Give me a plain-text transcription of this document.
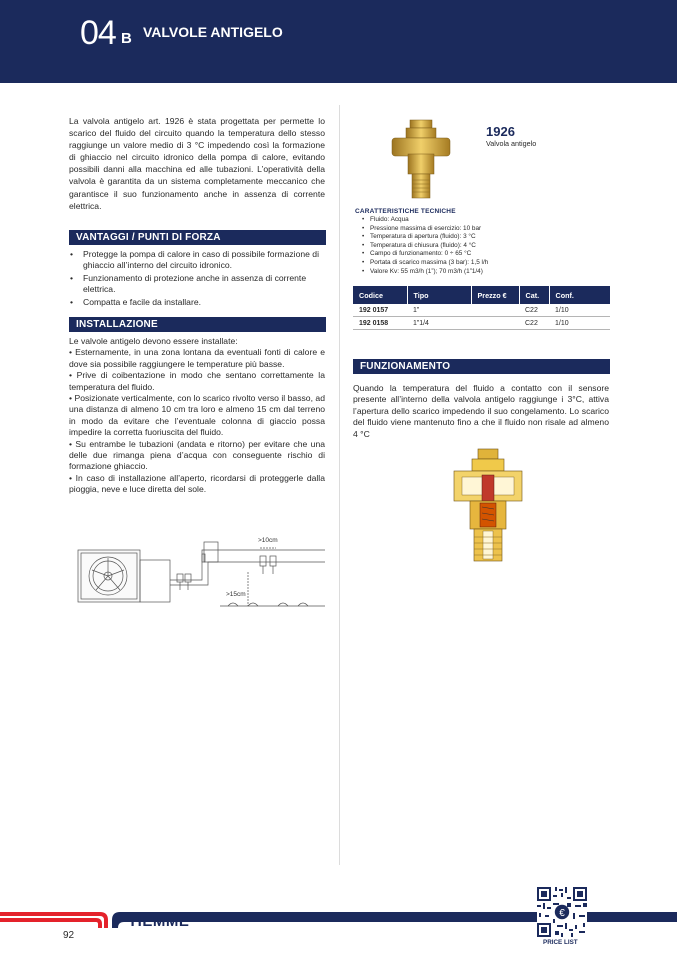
04 B VALVOLE ANTIGELO

La valvola antigelo art. 1926 è stata progettata per permette lo scarico del fluido del circuito quando la temperatura dello stesso raggiunge un valore medio di 3 °C impedendo così la formazione di ghiaccio nel circuito idronico della pompa di calore, evitando possibili danni alla macchina ed alle tubazioni. L’operatività della valvola è garantita da un sistema completamente meccanico che garantisce il suo funzionamento anche in assenza di corrente elettrica.

VANTAGGI / PUNTI DI FORZA
• Protegge la pompa di calore in caso di possibile formazione di ghiaccio all’interno del circuito idronico.
• Funzionamento di protezione anche in assenza di corrente elettrica.
• Compatta e facile da installare.
INSTALLAZIONE

Le valvole antigelo devono essere installate:

• Esternamente, in una zona lontana da eventuali fonti di calore e dove sia possibile raggiungere le temperature più basse.

• Prive di coibentazione in modo che sentano correttamente la temperatura del fluido.

• Posizionate verticalmente, con lo scarico rivolto verso il basso, ad una distanza di almeno 10 cm tra loro e almeno 15 cm dal terreno in modo da evitare che l’eventuale colonna di giaccio possa impedire la corretta fuoriuscita del fluido.

• Su entrambe le tubazioni (andata e ritorno) per evitare che una delle due rimanga piena d’acqua con conseguente rischio di formazione ghiaccio.

• In caso di installazione all’aperto, ricordarsi di proteggerle dalla pioggia, neve e luce diretta del sole.

>10cm
>15cm
1926
Valvola antigelo
CARATTERISTICHE TECNICHE
• Fluido: Acqua
• Pressione massima di esercizio: 10 bar
• Temperatura di apertura (fluido): 3 °C
• Temperatura di chiusura (fluido): 4 °C
• Campo di funzionamento: 0 ÷ 65 °C
• Portata di scarico massima (3 bar): 1,5 l/h
• Valore Kv: 55 m3/h (1”); 70 m3/h (1”1/4)
Codice	Tipo	Prezzo €	Cat.	Conf.
192 0157	1”		C22	1/10
192 0158	1”1/4		C22	1/10
FUNZIONAMENTO

Quando la temperatura del fluido a contatto con il sensore presente all’interno della valvola antigelo raggiunge i 3°C, attiva l’apertura dello scarico impedendo il suo congelamento. Lo scarico del fluido viene mantenuto fino a che il fluido non risale ad almeno 4 °C

92
TIEMME	€
PRICE LIST
